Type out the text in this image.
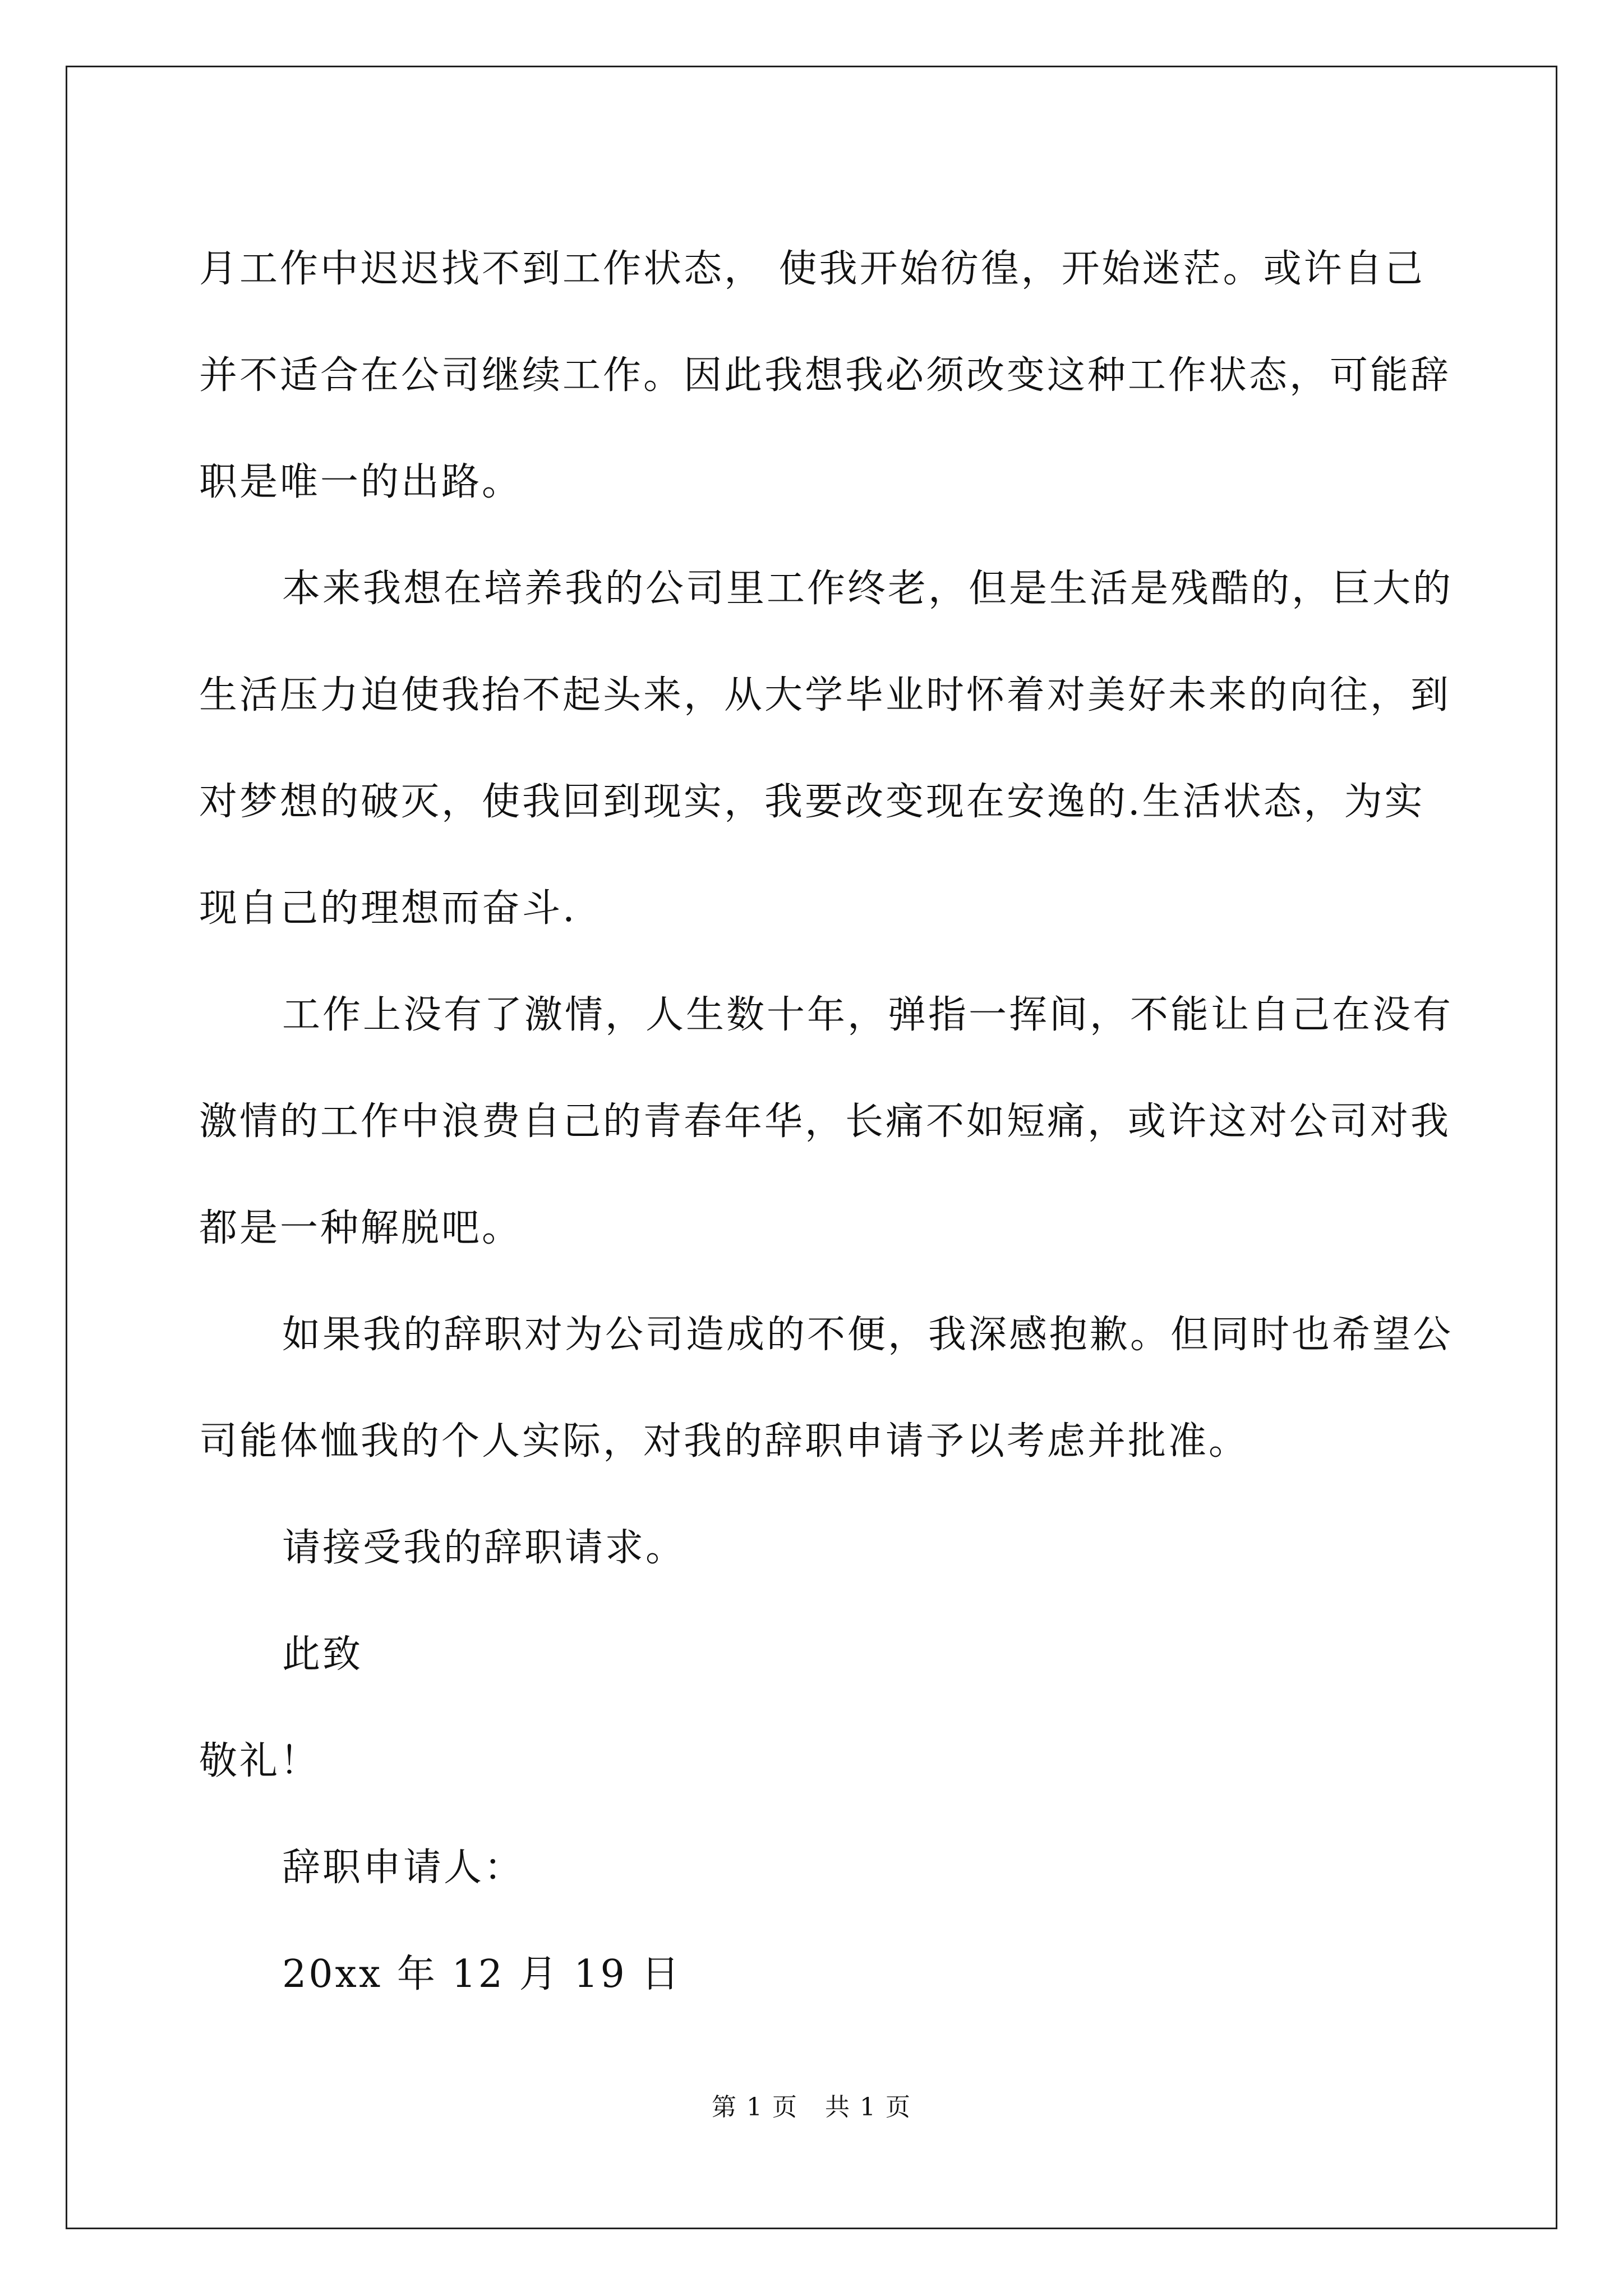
月工作中迟迟找不到工作状态， 使我开始彷徨，开始迷茫。或许自己并不适合在公司继续工作。因此我想我必须改变这种工作状态，可能辞职是唯一的出路。

本来我想在培养我的公司里工作终老，但是生活是残酷的，巨大的生活压力迫使我抬不起头来，从大学毕业时怀着对美好未来的向往，到对梦想的破灭，使我回到现实，我要改变现在安逸的.生活状态，为实现自己的理想而奋斗.

工作上没有了激情，人生数十年，弹指一挥间，不能让自己在没有激情的工作中浪费自己的青春年华，长痛不如短痛，或许这对公司对我都是一种解脱吧。

如果我的辞职对为公司造成的不便，我深感抱歉。但同时也希望公司能体恤我的个人实际，对我的辞职申请予以考虑并批准。

请接受我的辞职请求。

此致

敬礼！

辞职申请人：

20xx 年 12 月 19 日

第 1 页   共 1 页
